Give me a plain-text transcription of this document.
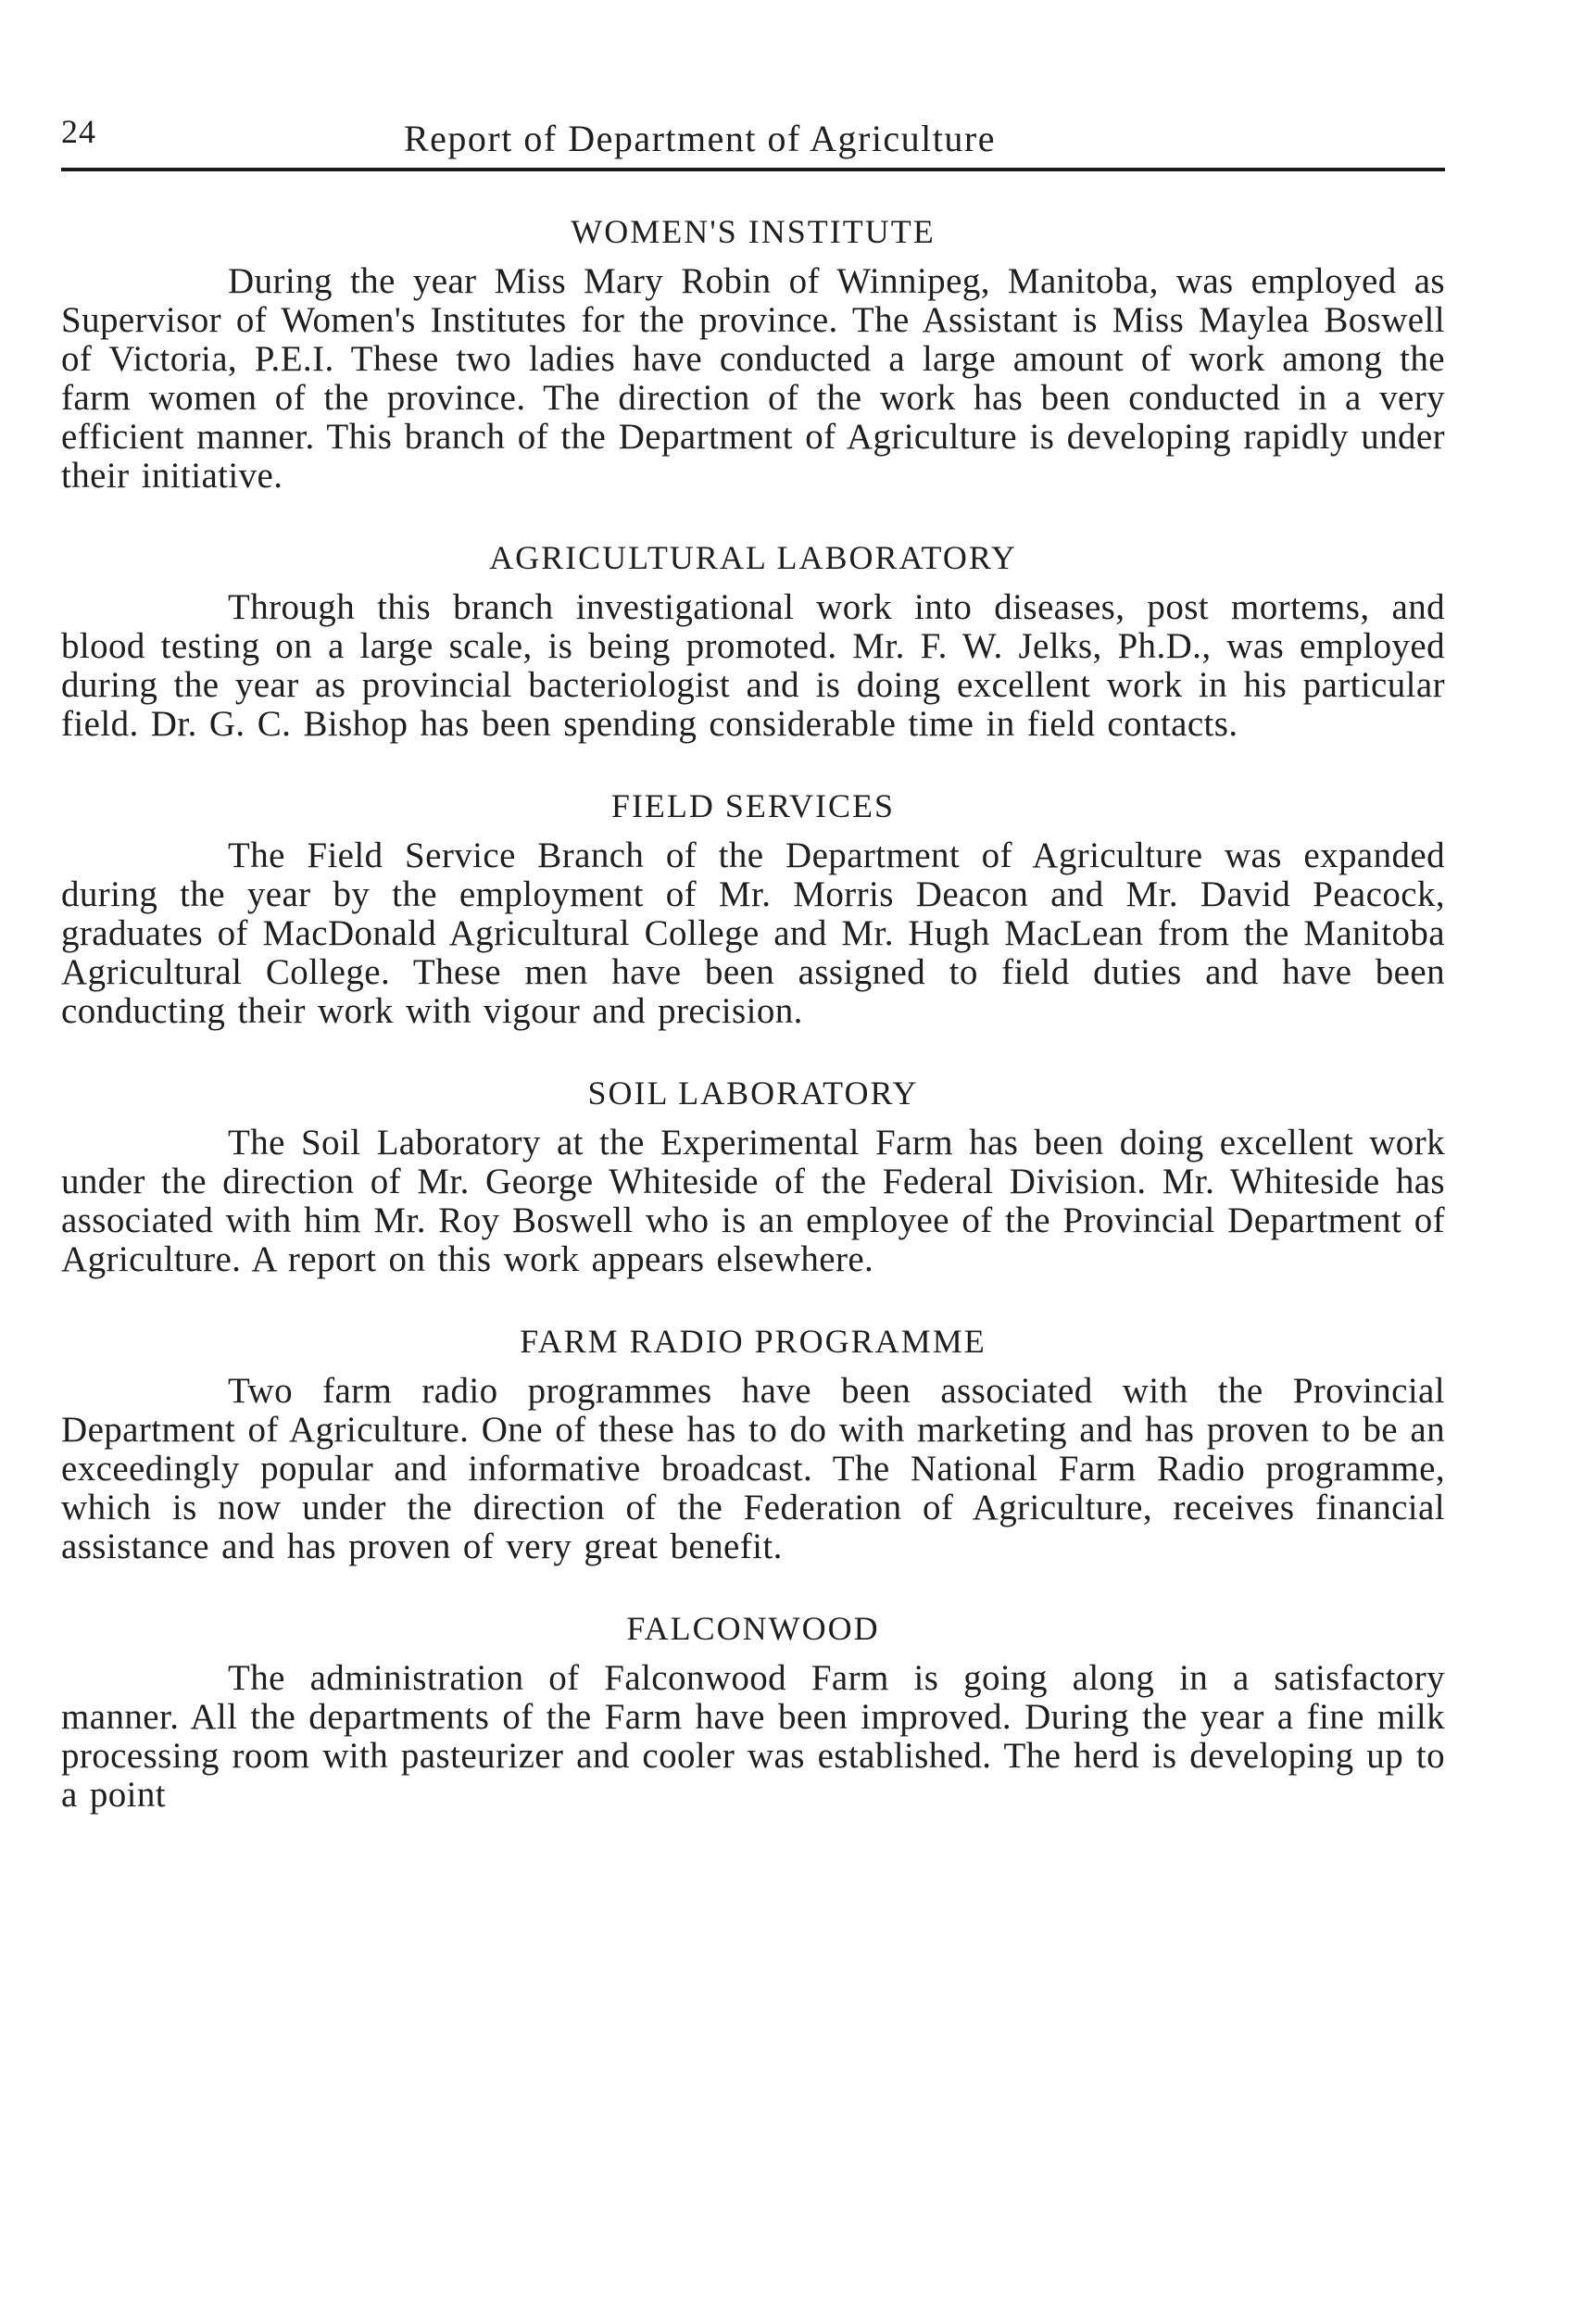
24	Report of Department of Agriculture
WOMEN'S INSTITUTE

During the year Miss Mary Robin of Winnipeg, Manitoba, was employed as Supervisor of Women's Institutes for the province. The Assistant is Miss Maylea Boswell of Victoria, P.E.I. These two ladies have conducted a large amount of work among the farm women of the province. The direction of the work has been conducted in a very efficient manner. This branch of the Department of Agriculture is developing rapidly under their initiative.

AGRICULTURAL LABORATORY

Through this branch investigational work into diseases, post mortems, and blood testing on a large scale, is being promoted. Mr. F. W. Jelks, Ph.D., was employed during the year as provincial bacteriologist and is doing excellent work in his particular field. Dr. G. C. Bishop has been spending considerable time in field contacts.

FIELD SERVICES

The Field Service Branch of the Department of Agriculture was expanded during the year by the employment of Mr. Morris Deacon and Mr. David Peacock, graduates of MacDonald Agricultural College and Mr. Hugh MacLean from the Manitoba Agricultural College. These men have been assigned to field duties and have been conducting their work with vigour and precision.

SOIL LABORATORY

The Soil Laboratory at the Experimental Farm has been doing excellent work under the direction of Mr. George Whiteside of the Federal Division. Mr. Whiteside has associated with him Mr. Roy Boswell who is an employee of the Provincial Department of Agriculture. A report on this work appears elsewhere.

FARM RADIO PROGRAMME

Two farm radio programmes have been associated with the Provincial Department of Agriculture. One of these has to do with marketing and has proven to be an exceedingly popular and informative broadcast. The National Farm Radio programme, which is now under the direction of the Federation of Agriculture, receives financial assistance and has proven of very great benefit.

FALCONWOOD

The administration of Falconwood Farm is going along in a satisfactory manner. All the departments of the Farm have been improved. During the year a fine milk processing room with pasteurizer and cooler was established. The herd is developing up to a point
